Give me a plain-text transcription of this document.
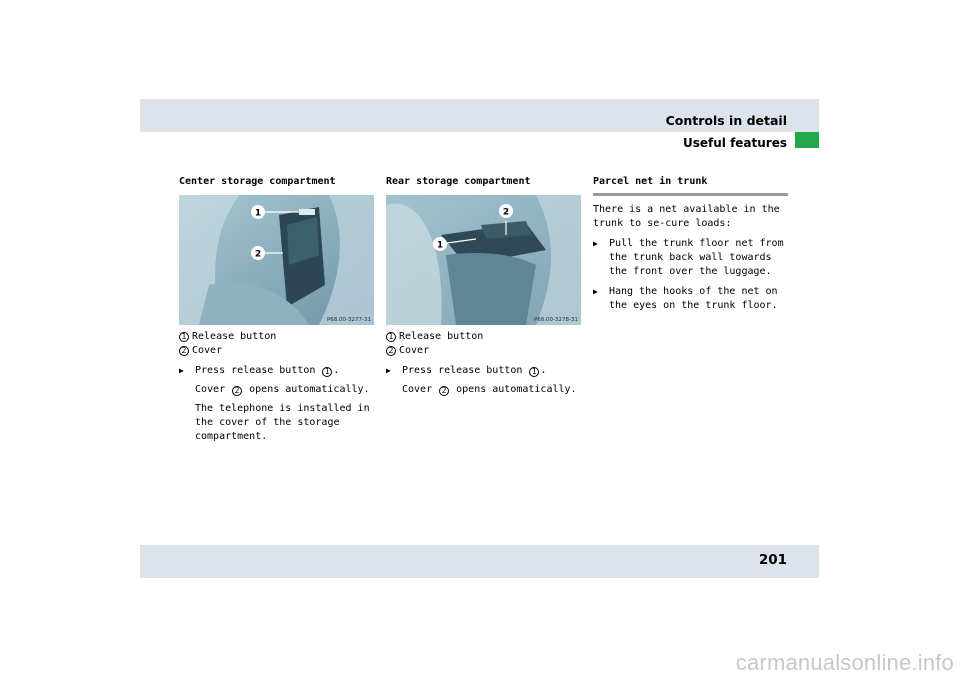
Controls in detail
Useful features
Center storage compartment
1
2
P68.00-3277-31
1 Release button
2 Cover
▶	Press release button 1 .
Cover 2 opens automatically.
The telephone is installed in the cover of the storage compartment.
Rear storage compartment
1
2
P68.00-3278-31
1 Release button
2 Cover
▶	Press release button 1 .
Cover 2 opens automatically.
Parcel net in trunk
There is a net available in the trunk to se-cure loads:
▶	Pull the trunk floor net from the trunk back wall towards the front over the luggage.
▶	Hang the hooks of the net on the eyes on the trunk floor.
201
carmanualsonline.info
